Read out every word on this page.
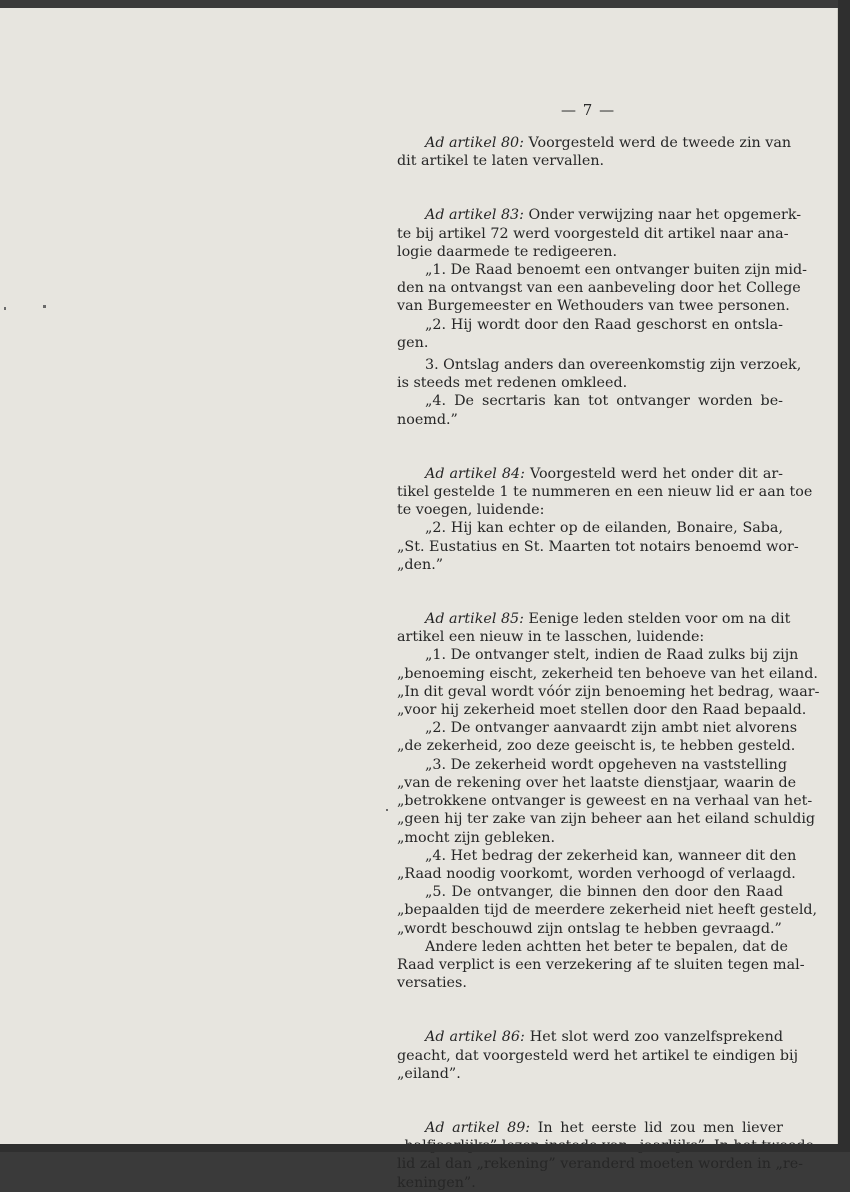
— 7 —

Ad artikel 80: Voorgesteld werd de tweede zin van
dit artikel te laten vervallen.

Ad artikel 83: Onder verwijzing naar het opgemerk-
te bij artikel 72 werd voorgesteld dit artikel naar ana-
logie daarmede te redigeeren.
„1. De Raad benoemt een ontvanger buiten zijn mid-
den na ontvangst van een aanbeveling door het College
van Burgemeester en Wethouders van twee personen.
„2. Hij wordt door den Raad geschorst en ontsla-
gen.
3. Ontslag anders dan overeenkomstig zijn verzoek,
is steeds met redenen omkleed.
„4. De secrtaris kan tot ontvanger worden be-
noemd.”

Ad artikel 84: Voorgesteld werd het onder dit ar-
tikel gestelde 1 te nummeren en een nieuw lid er aan toe
te voegen, luidende:
„2. Hij kan echter op de eilanden, Bonaire, Saba,
„St. Eustatius en St. Maarten tot notairs benoemd wor-
„den.”

Ad artikel 85: Eenige leden stelden voor om na dit
artikel een nieuw in te lasschen, luidende:
„1. De ontvanger stelt, indien de Raad zulks bij zijn
„benoeming eischt, zekerheid ten behoeve van het eiland.
„In dit geval wordt vóór zijn benoeming het bedrag, waar-
„voor hij zekerheid moet stellen door den Raad bepaald.
„2. De ontvanger aanvaardt zijn ambt niet alvorens
„de zekerheid, zoo deze geeischt is, te hebben gesteld.
„3. De zekerheid wordt opgeheven na vaststelling
„van de rekening over het laatste dienstjaar, waarin de
„betrokkene ontvanger is geweest en na verhaal van het-
„geen hij ter zake van zijn beheer aan het eiland schuldig
„mocht zijn gebleken.
„4. Het bedrag der zekerheid kan, wanneer dit den
„Raad noodig voorkomt, worden verhoogd of verlaagd.
„5. De ontvanger, die binnen den door den Raad
„bepaalden tijd de meerdere zekerheid niet heeft gesteld,
„wordt beschouwd zijn ontslag te hebben gevraagd.”
Andere leden achtten het beter te bepalen, dat de
Raad verplict is een verzekering af te sluiten tegen mal-
versaties.

Ad artikel 86: Het slot werd zoo vanzelfsprekend
geacht, dat voorgesteld werd het artikel te eindigen bij
„eiland”.

Ad artikel 89: In het eerste lid zou men liever
lid zal dan „rekening” veranderd moeten worden in „re-
keningen”.
